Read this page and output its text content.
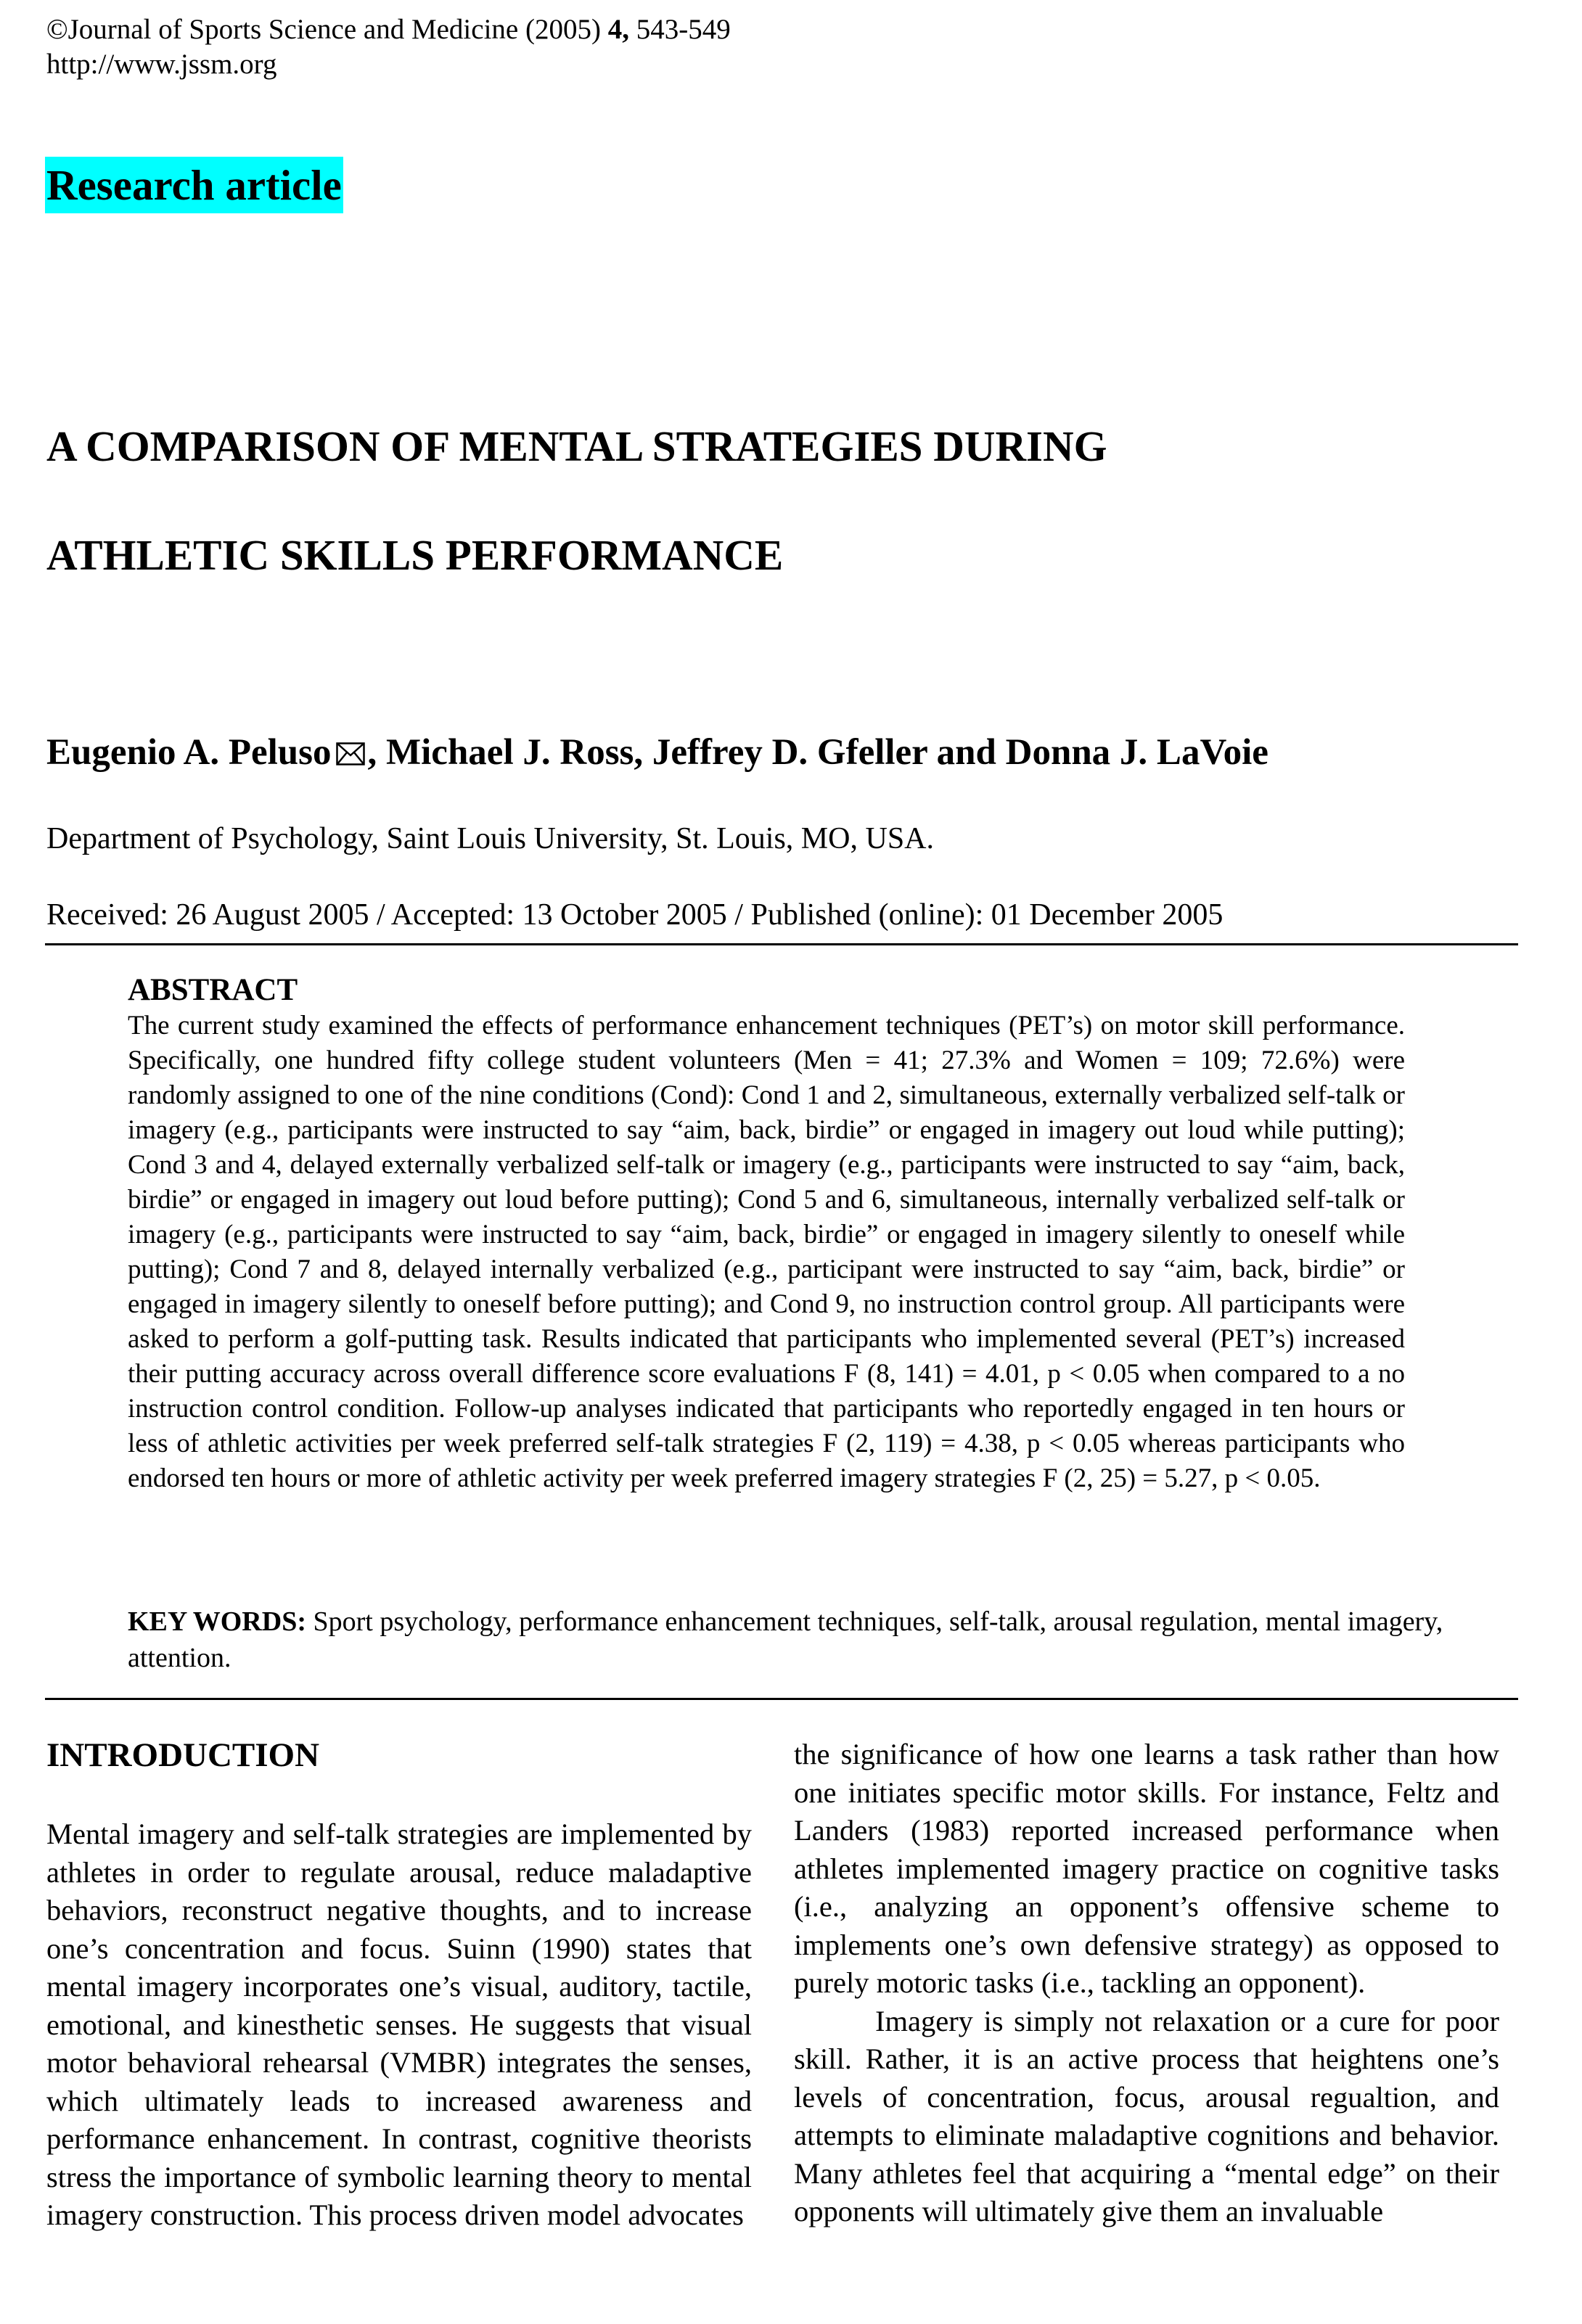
©Journal of Sports Science and Medicine (2005) 4, 543-549
http://www.jssm.org
Research article
A COMPARISON OF MENTAL STRATEGIES DURING
ATHLETIC SKILLS PERFORMANCE
Eugenio A. Peluso , Michael J. Ross, Jeffrey D. Gfeller and Donna J. LaVoie
Department of Psychology, Saint Louis University, St. Louis, MO, USA.
Received: 26 August 2005 / Accepted: 13 October 2005 / Published (online): 01 December 2005

ABSTRACT

The current study examined the effects of performance enhancement techniques (PET’s) on motor skill performance. Specifically, one hundred fifty college student volunteers (Men = 41; 27.3% and Women = 109; 72.6%) were randomly assigned to one of the nine conditions (Cond): Cond 1 and 2, simultaneous, externally verbalized self-talk or imagery (e.g., participants were instructed to say “aim, back, birdie” or engaged in imagery out loud while putting); Cond 3 and 4, delayed externally verbalized self-talk or imagery (e.g., participants were instructed to say “aim, back, birdie” or engaged in imagery out loud before putting); Cond 5 and 6, simultaneous, internally verbalized self-talk or imagery (e.g., participants were instructed to say “aim, back, birdie” or engaged in imagery silently to oneself while putting); Cond 7 and 8, delayed internally verbalized (e.g., participant were instructed to say “aim, back, birdie” or engaged in imagery silently to oneself before putting); and Cond 9, no instruction control group. All participants were asked to perform a golf-putting task. Results indicated that participants who implemented several (PET’s) increased their putting accuracy across overall difference score evaluations F (8, 141) = 4.01, p < 0.05 when compared to a no instruction control condition. Follow-up analyses indicated that participants who reportedly engaged in ten hours or less of athletic activities per week preferred self-talk strategies F (2, 119) = 4.38, p < 0.05 whereas participants who endorsed ten hours or more of athletic activity per week preferred imagery strategies F (2, 25) = 5.27, p < 0.05.

KEY WORDS: Sport psychology, performance enhancement techniques, self-talk, arousal regulation, mental imagery, attention.
INTRODUCTION

Mental imagery and self-talk strategies are implemented by athletes in order to regulate arousal, reduce maladaptive behaviors, reconstruct negative thoughts, and to increase one’s concentration and focus. Suinn (1990) states that mental imagery incorporates one’s visual, auditory, tactile, emotional, and kinesthetic senses. He suggests that visual motor behavioral rehearsal (VMBR) integrates the senses, which ultimately leads to increased awareness and performance enhancement. In contrast, cognitive theorists stress the importance of symbolic learning theory to mental imagery construction. This process driven model advocates

the significance of how one learns a task rather than how one initiates specific motor skills. For instance, Feltz and Landers (1983) reported increased performance when athletes implemented imagery practice on cognitive tasks (i.e., analyzing an opponent’s offensive scheme to implements one’s own defensive strategy) as opposed to purely motoric tasks (i.e., tackling an opponent).

Imagery is simply not relaxation or a cure for poor skill. Rather, it is an active process that heightens one’s levels of concentration, focus, arousal regualtion, and attempts to eliminate maladaptive cognitions and behavior. Many athletes feel that acquiring a “mental edge” on their opponents will ultimately give them an invaluable
